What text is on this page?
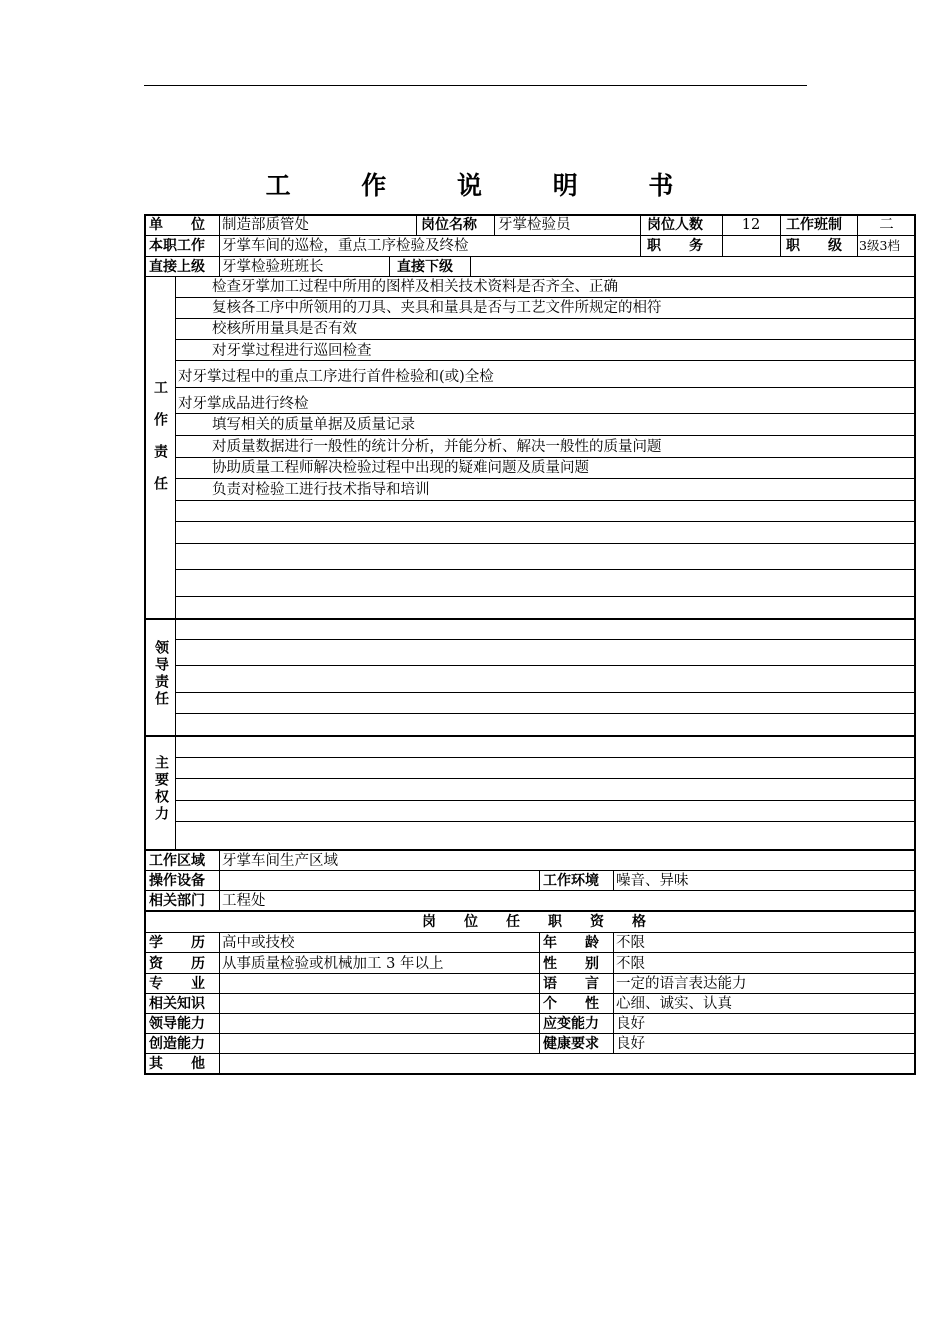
工 作 说 明 书
单　　位	制造部质管处	岗位名称 牙掌检验员	岗位人数	12	工作班制	二
本职工作 牙掌车间的巡检，重点工序检验及终检	职　　务	职　　级 3级3档
直接上级 牙掌检验班班长	直接下级
工作责任
检查牙掌加工过程中所用的图样及相关技术资料是否齐全、正确
复核各工序中所领用的刀具、夹具和量具是否与工艺文件所规定的相符
校核所用量具是否有效
对牙掌过程进行巡回检查
对牙掌过程中的重点工序进行首件检验和(或)全检
对牙掌成品进行终检
填写相关的质量单据及质量记录
对质量数据进行一般性的统计分析，并能分析、解决一般性的质量问题
协助质量工程师解决检验过程中出现的疑难问题及质量问题
负责对检验工进行技术指导和培训
领导责任
主要权力
工作区域 牙掌车间生产区域
操作设备	工作环境 噪音、异味
相关部门 工程处
岗　　位　　任　　职　　资　　格
学　　历 高中或技校	年　　龄 不限
资　　历 从事质量检验或机械加工 3 年以上	性　　别 不限
专　　业	语　　言 一定的语言表达能力
相关知识	个　　性 心细、诚实、认真
领导能力	应变能力 良好
创造能力	健康要求 良好
其　　他
